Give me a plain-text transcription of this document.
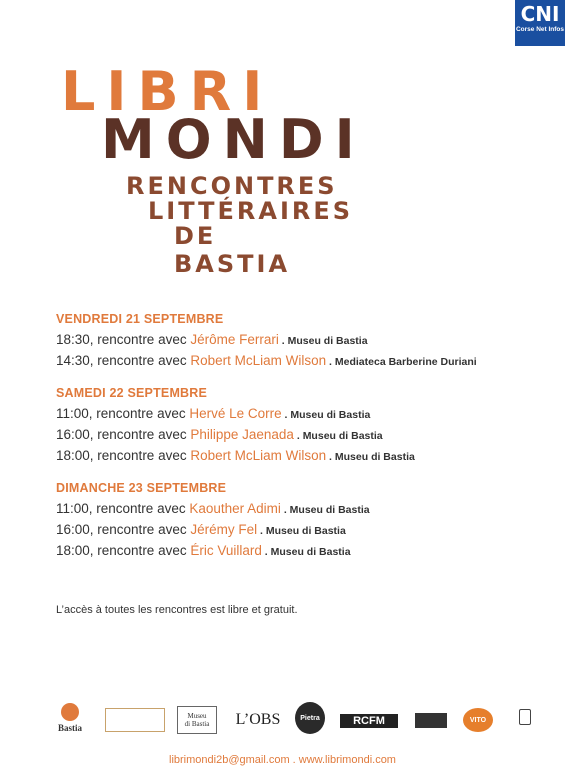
CNI
Corse Net Infos
LIBRI
MONDI
RENCONTRES
LITTÉRAIRES
DE BASTIA
VENDREDI 21 SEPTEMBRE
18:30, rencontre avec Jérôme Ferrari . Museu di Bastia
14:30, rencontre avec Robert McLiam Wilson . Mediateca Barberine Duriani
SAMEDI 22 SEPTEMBRE
11:00, rencontre avec Hervé Le Corre . Museu di Bastia
16:00, rencontre avec Philippe Jaenada . Museu di Bastia
18:00, rencontre avec Robert McLiam Wilson . Museu di Bastia
DIMANCHE 23 SEPTEMBRE
11:00, rencontre avec Kaouther Adimi . Museu di Bastia
16:00, rencontre avec Jérémy Fel . Museu di Bastia
18:00, rencontre avec Éric Vuillard . Museu di Bastia
L’accès à toutes les rencontres est libre et gratuit.
Bastia
Museu
di Bastia L’OBS	Pietra	RCFM	VITO
librimondi2b@gmail.com . www.librimondi.com
